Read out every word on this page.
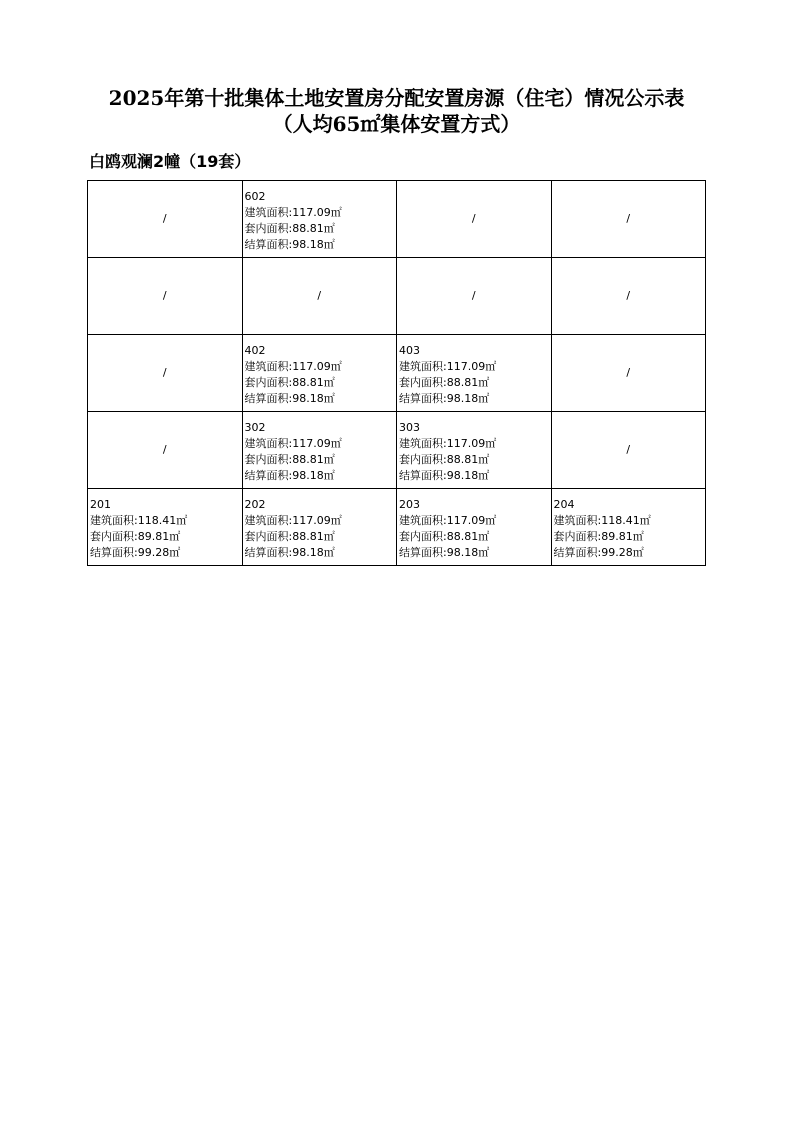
2025年第十批集体土地安置房分配安置房源（住宅）情况公示表
（人均65㎡集体安置方式）
白鸥观澜2幢（19套）
/	602
建筑面积:117.09㎡
套内面积:88.81㎡
结算面积:98.18㎡	/	/
/	/	/	/
/	402
建筑面积:117.09㎡
套内面积:88.81㎡
结算面积:98.18㎡	403
建筑面积:117.09㎡
套内面积:88.81㎡
结算面积:98.18㎡	/
/	302
建筑面积:117.09㎡
套内面积:88.81㎡
结算面积:98.18㎡	303
建筑面积:117.09㎡
套内面积:88.81㎡
结算面积:98.18㎡	/

201
建筑面积:118.41㎡
套内面积:89.81㎡
结算面积:99.28㎡	202
建筑面积:117.09㎡
套内面积:88.81㎡
结算面积:98.18㎡	203
建筑面积:117.09㎡
套内面积:88.81㎡
结算面积:98.18㎡	204
建筑面积:118.41㎡
套内面积:89.81㎡
结算面积:99.28㎡
